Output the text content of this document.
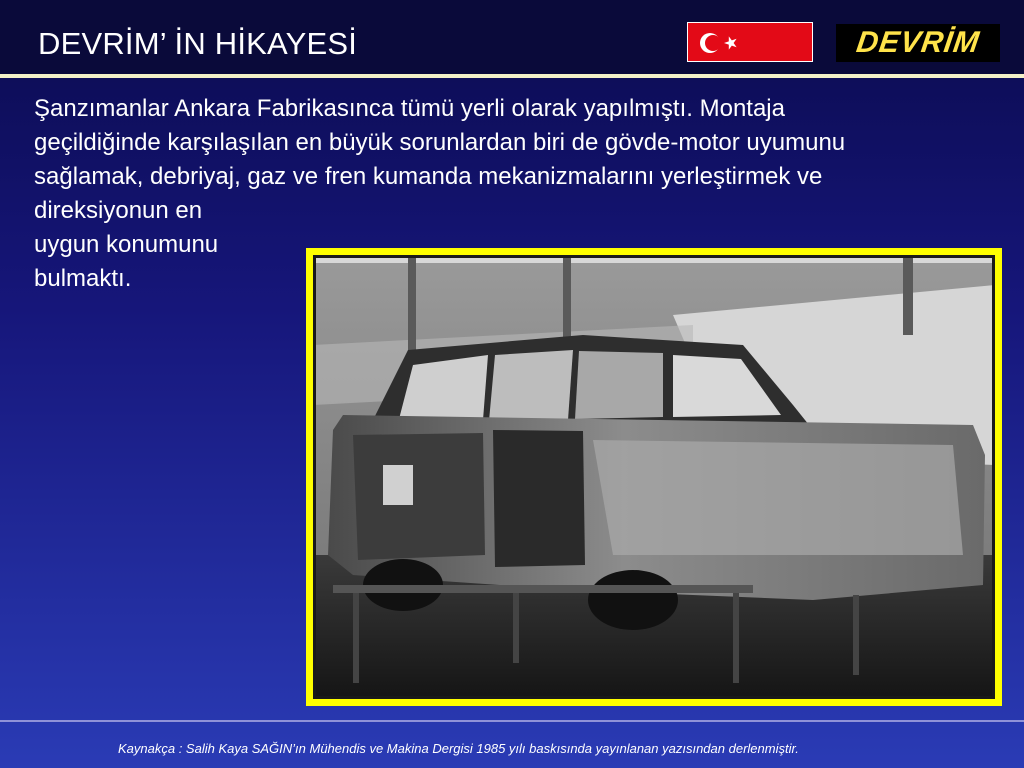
DEVRİM’ İN HİKAYESİ	DEVRİM

Şanzımanlar Ankara Fabrikasınca tümü yerli olarak yapılmıştı. Montaja

geçildiğinde karşılaşılan en büyük sorunlardan biri de gövde-motor uyumunu

sağlamak, debriyaj, gaz ve fren kumanda mekanizmalarını yerleştirmek ve

direksiyonun en

uygun konumunu

bulmaktı.

Kaynakça : Salih Kaya SAĞIN’ın Mühendis ve Makina Dergisi 1985 yılı baskısında yayınlanan yazısından derlenmiştir.
